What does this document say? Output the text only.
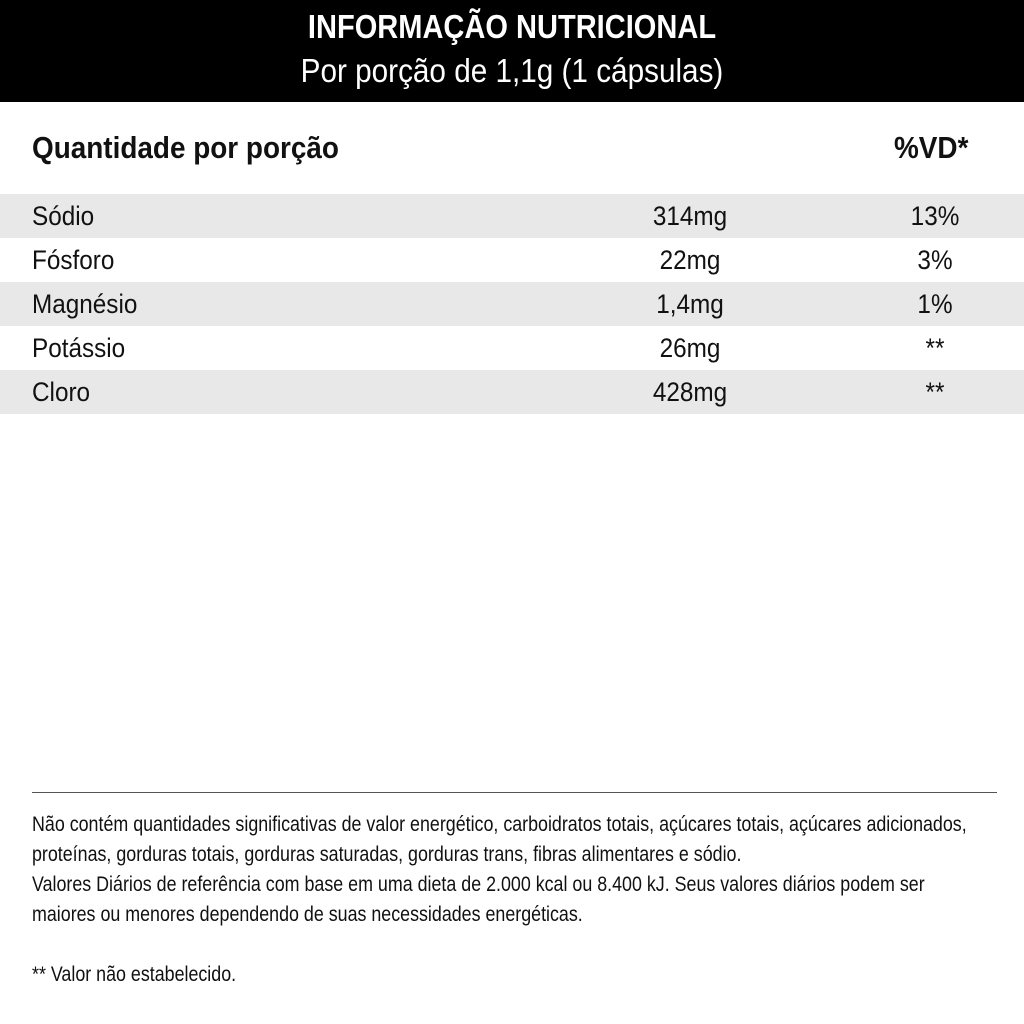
INFORMAÇÃO NUTRICIONAL
Por porção de 1,1g (1 cápsulas)
Quantidade por porção	%VD*
Sódio	314mg	13%
Fósforo	22mg	3%
Magnésio	1,4mg	1%
Potássio	26mg	**
Cloro	428mg	**

Não contém quantidades significativas de valor energético, carboidratos totais, açúcares totais, açúcares adicionados, proteínas, gorduras totais, gorduras saturadas, gorduras trans, fibras alimentares e sódio.

Valores Diários de referência com base em uma dieta de 2.000 kcal ou 8.400 kJ. Seus valores diários podem ser maiores ou menores dependendo de suas necessidades energéticas.

** Valor não estabelecido.
